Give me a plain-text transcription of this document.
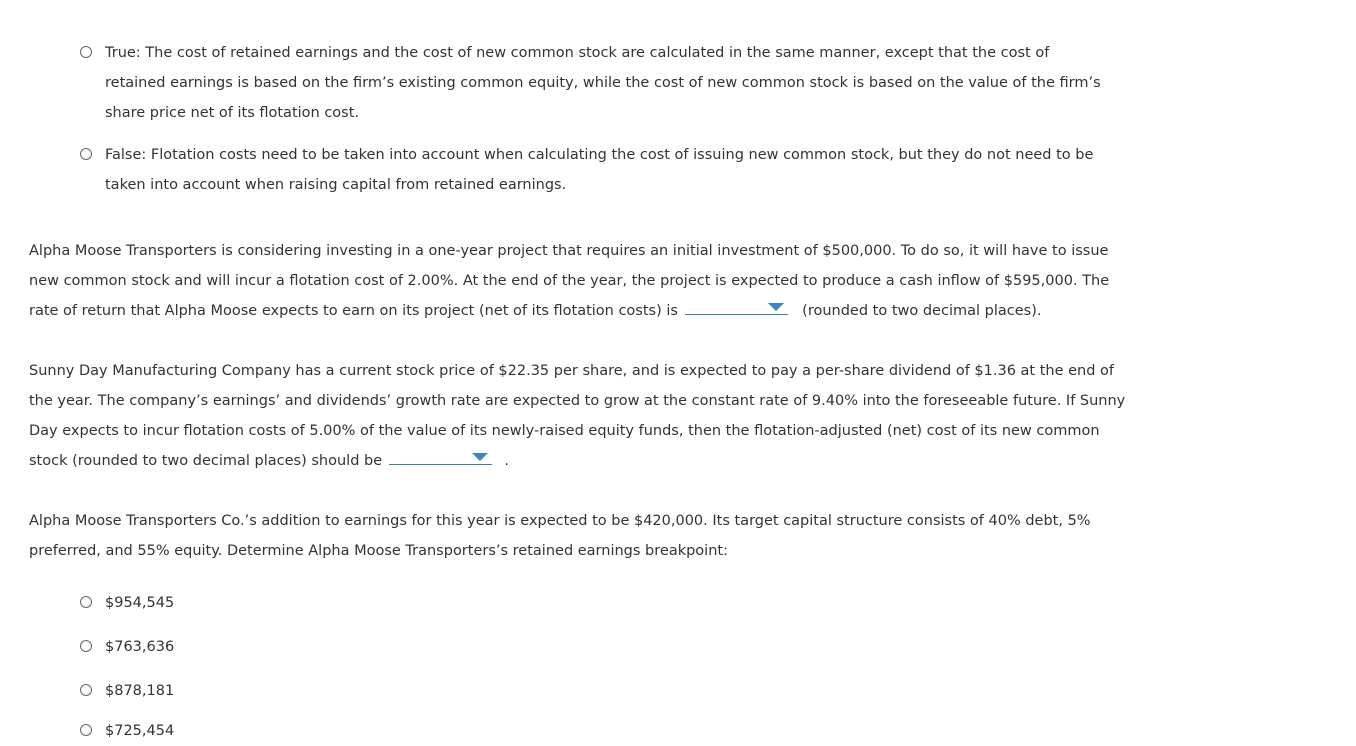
True: The cost of retained earnings and the cost of new common stock are calculated in the same manner, except that the cost of
retained earnings is based on the firm’s existing common equity, while the cost of new common stock is based on the value of the firm’s
share price net of its flotation cost.
False: Flotation costs need to be taken into account when calculating the cost of issuing new common stock, but they do not need to be
taken into account when raising capital from retained earnings.
Alpha Moose Transporters is considering investing in a one-year project that requires an initial investment of $500,000. To do so, it will have to issue
new common stock and will incur a flotation cost of 2.00%. At the end of the year, the project is expected to produce a cash inflow of $595,000. The
rate of return that Alpha Moose expects to earn on its project (net of its flotation costs) is	(rounded to two decimal places).
Sunny Day Manufacturing Company has a current stock price of $22.35 per share, and is expected to pay a per-share dividend of $1.36 at the end of
the year. The company’s earnings’ and dividends’ growth rate are expected to grow at the constant rate of 9.40% into the foreseeable future. If Sunny
Day expects to incur flotation costs of 5.00% of the value of its newly-raised equity funds, then the flotation-adjusted (net) cost of its new common
stock (rounded to two decimal places) should be	.
Alpha Moose Transporters Co.’s addition to earnings for this year is expected to be $420,000. Its target capital structure consists of 40% debt, 5%
preferred, and 55% equity. Determine Alpha Moose Transporters’s retained earnings breakpoint:
$954,545
$763,636
$878,181
$725,454
